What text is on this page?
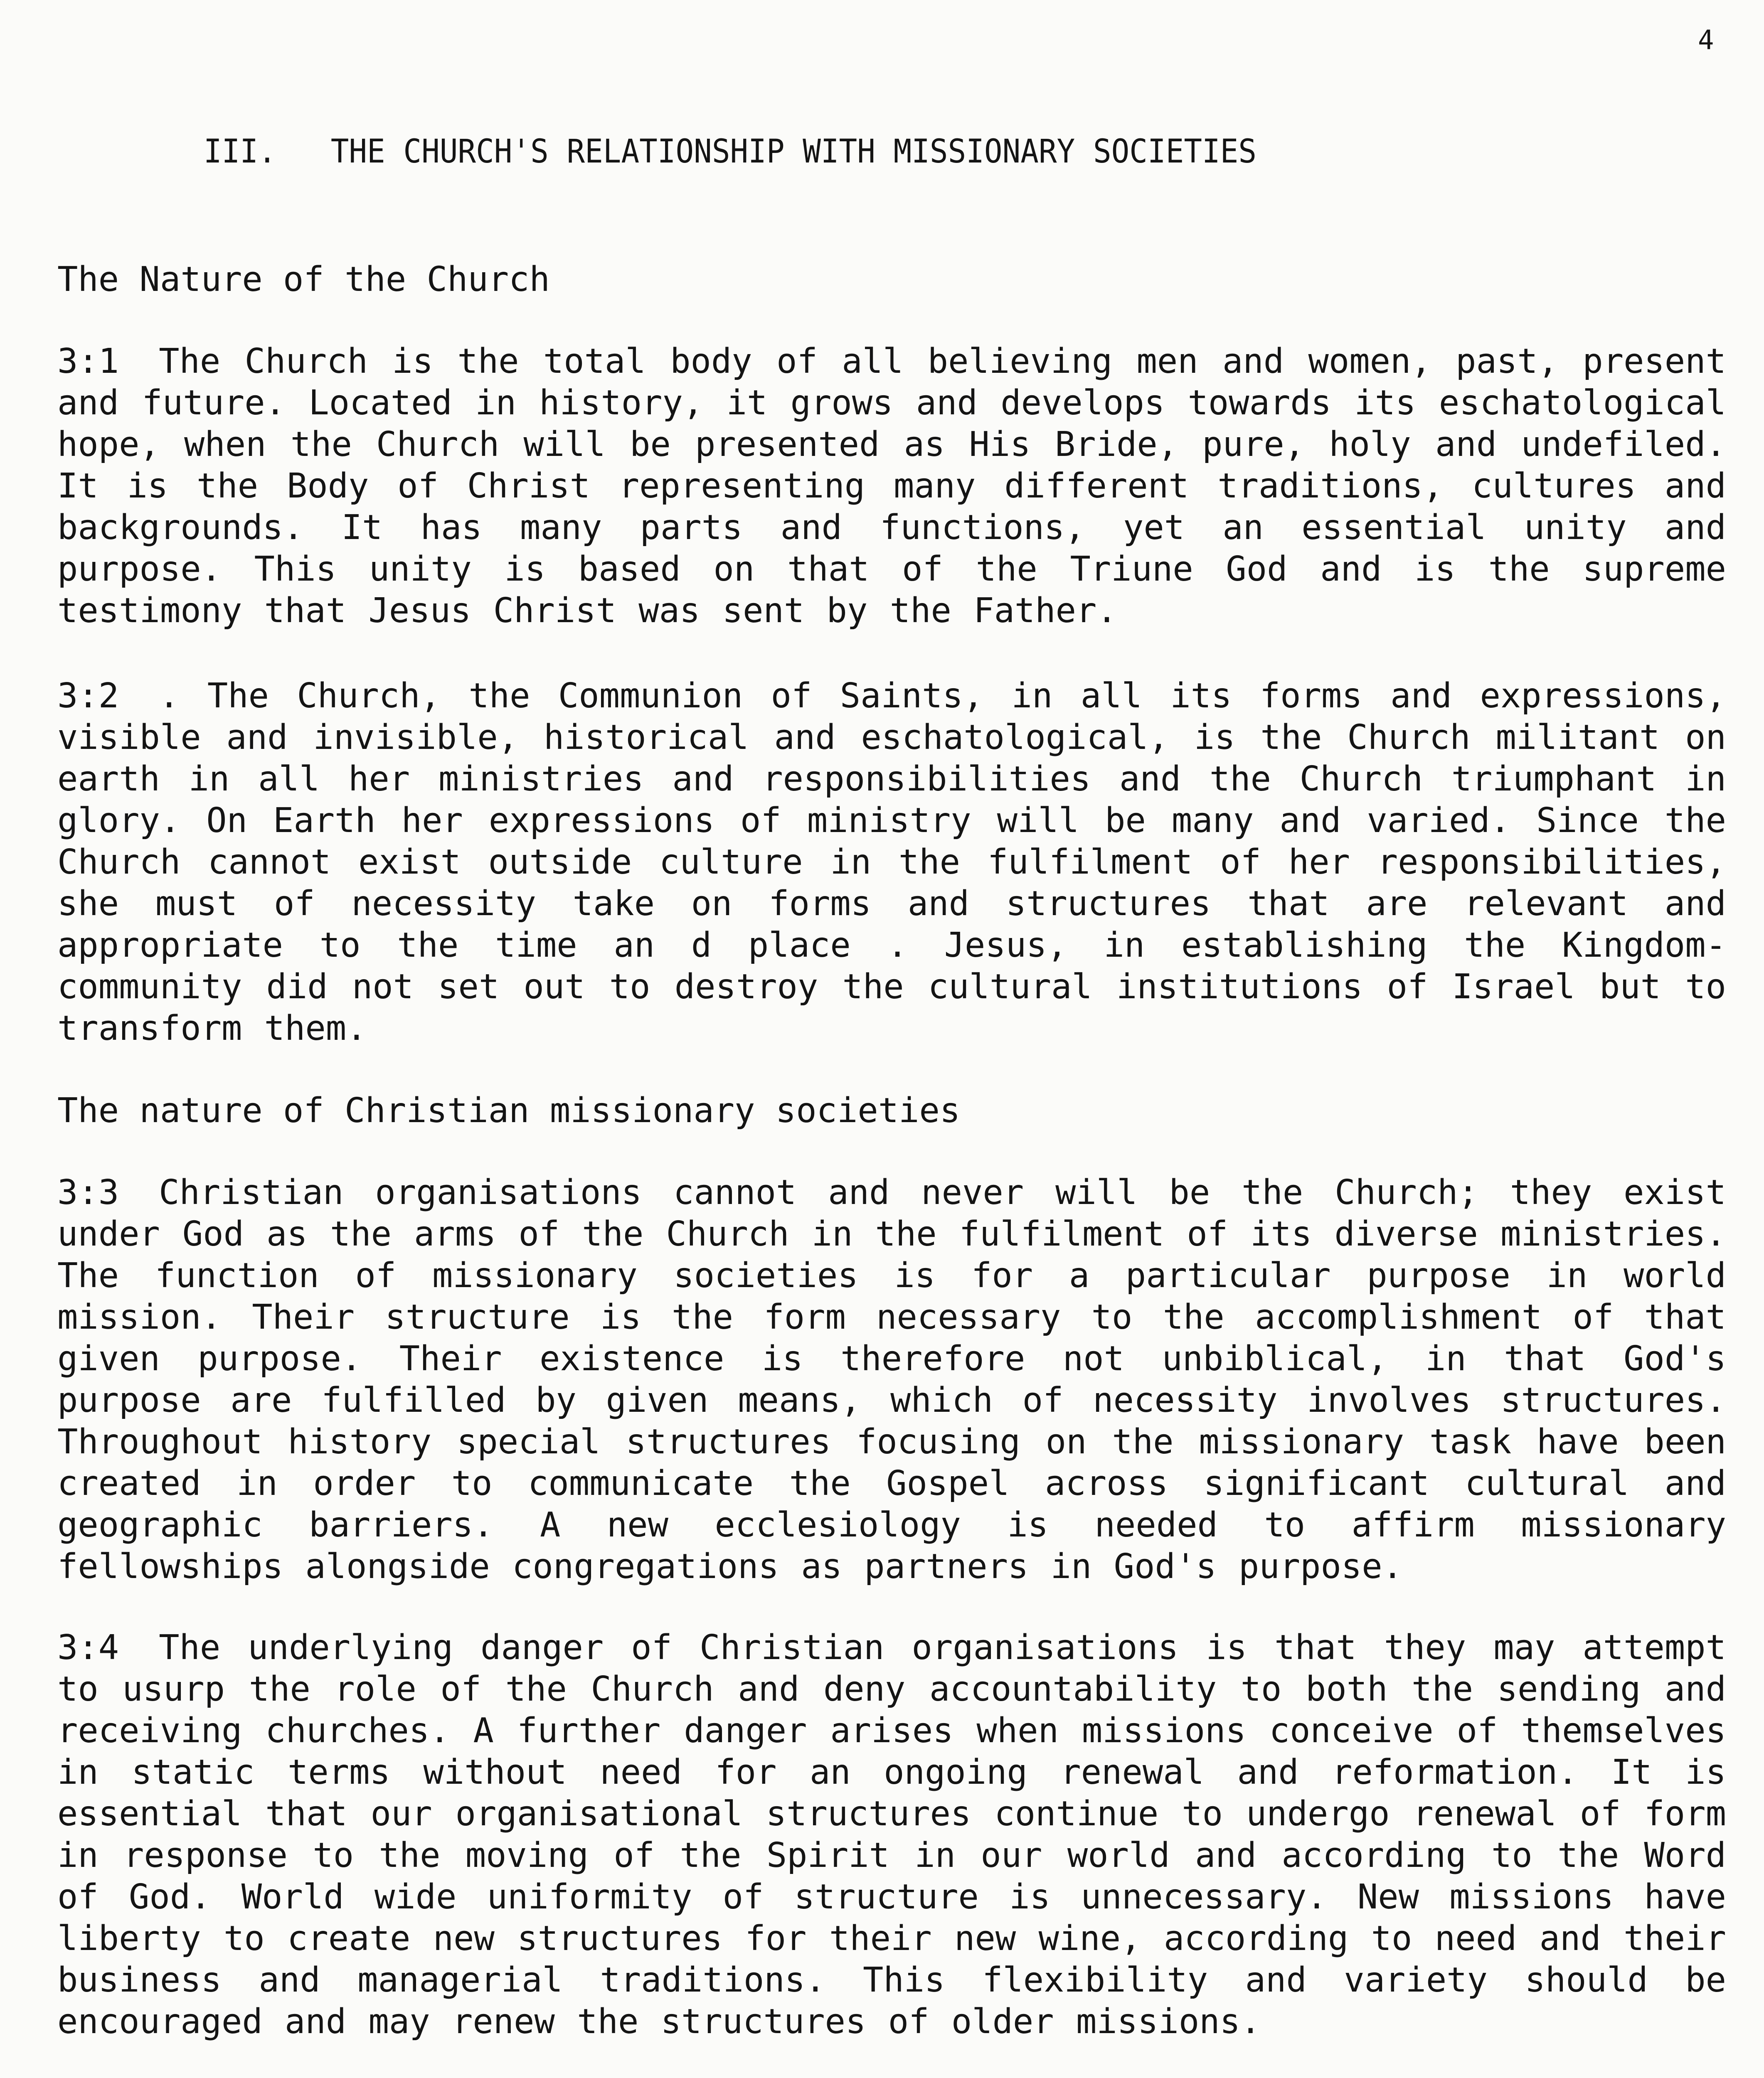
4
III.   THE CHURCH'S RELATIONSHIP WITH MISSIONARY SOCIETIES
The Nature of the Church
3:1 The Church is the total body of all believing men and women, past, present and future. Located in history, it grows and develops towards its eschatological hope, when the Church will be presented as His Bride, pure, holy and undefiled. It is the Body of Christ representing many different traditions, cultures and backgrounds. It has many parts and functions, yet an essential unity and purpose. This unity is based on that of the Triune God and is the supreme testimony that Jesus Christ was sent by the Father.
3:2 . The Church, the Communion of Saints, in all its forms and expressions, visible and invisible, historical and eschatological, is the Church militant on earth in all her ministries and responsibilities and the Church triumphant in glory. On Earth her expressions of ministry will be many and varied. Since the Church cannot exist outside culture in the fulfilment of her responsibilities, she must of necessity take on forms and structures that are relevant and appropriate to the time an d place . Jesus, in establishing the Kingdom-community did not set out to destroy the cultural institutions of Israel but to transform them.
The nature of Christian missionary societies
3:3 Christian organisations cannot and never will be the Church; they exist under God as the arms of the Church in the fulfilment of its diverse ministries. The function of missionary societies is for a particular purpose in world mission. Their structure is the form necessary to the accomplishment of that given purpose. Their existence is therefore not unbiblical, in that God's purpose are fulfilled by given means, which of necessity involves structures. Throughout history special structures focusing on the missionary task have been created in order to communicate the Gospel across significant cultural and geographic barriers. A new ecclesiology is needed to affirm missionary fellowships alongside congregations as partners in God's purpose.
3:4 The underlying danger of Christian organisations is that they may attempt to usurp the role of the Church and deny accountability to both the sending and receiving churches. A further danger arises when missions conceive of themselves in static terms without need for an ongoing renewal and reformation. It is essential that our organisational structures continue to undergo renewal of form in response to the moving of the Spirit in our world and according to the Word of God. World wide uniformity of structure is unnecessary. New missions have liberty to create new structures for their new wine, according to need and their business and managerial traditions. This flexibility and variety should be encouraged and may renew the structures of older missions.
